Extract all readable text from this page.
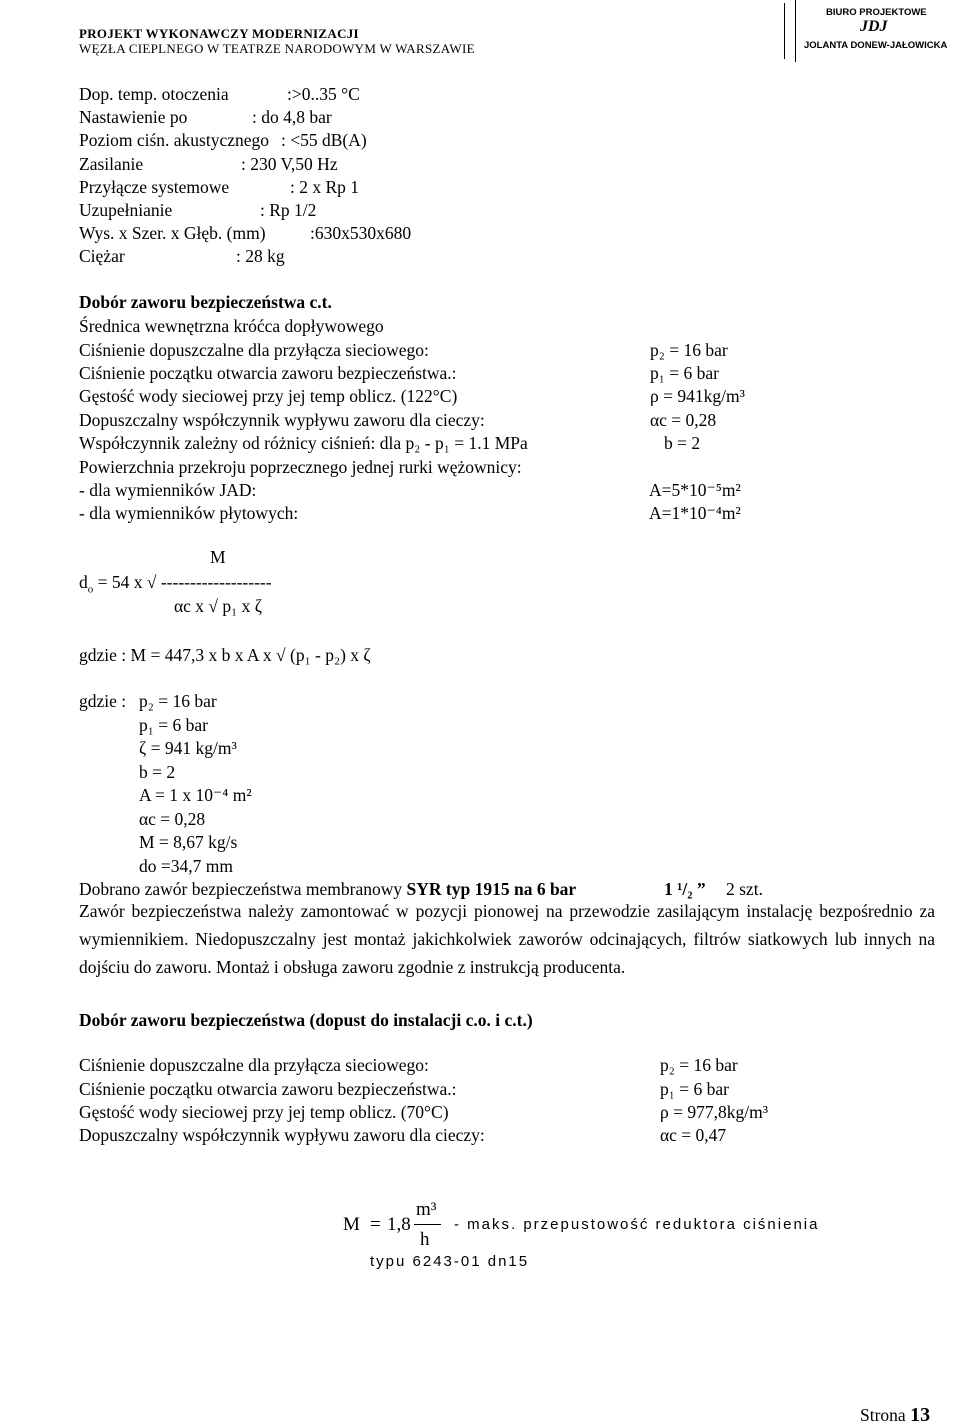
PROJEKT WYKONAWCZY MODERNIZACJI
WĘZŁA CIEPLNEGO W TEATRZE NARODOWYM W WARSZAWIE
BIURO PROJEKTOWE
JDJ
JOLANTA DONEW-JAŁOWICKA
Dop. temp. otoczenia	:>0..35 °C
Nastawienie po	: do 4,8 bar
Poziom ciśn. akustycznego : <55 dB(A)
Zasilanie	: 230 V,50 Hz
Przyłącze systemowe	: 2 x Rp 1
Uzupełnianie	: Rp 1/2
Wys. x Szer. x Głęb. (mm)	:630x530x680
Ciężar	: 28 kg
Dobór zaworu bezpieczeństwa c.t.
Średnica wewnętrzna króćca dopływowego
Ciśnienie dopuszczalne dla przyłącza sieciowego:	p₂ = 16 bar
Ciśnienie początku otwarcia zaworu bezpieczeństwa.:	p₁ = 6 bar
Gęstość wody sieciowej przy jej temp oblicz. (122°C)	ρ = 941kg/m³
Dopuszczalny współczynnik wypływu zaworu dla cieczy:	αc = 0,28
Współczynnik zależny od różnicy ciśnień: dla p₂ - p₁ = 1.1 MPa	b = 2
Powierzchnia przekroju poprzecznego jednej rurki wężownicy:
- dla wymienników JAD:	A=5*10⁻⁵m²
- dla wymienników płytowych:	A=1*10⁻⁴m²
M
$d_o = 54$ x √ -------------------
αc x √ p₁ x ζ
gdzie : M = 447,3 x b x A x √ (p₁ - p₂) x ζ
gdzie : p₂ = 16 bar
p₁ = 6 bar
ζ = 941 kg/m³
b = 2
A = 1 x 10⁻⁴ m²
αc = 0,28
M = 8,67 kg/s
do =34,7 mm
Dobrano zawór bezpieczeństwa membranowy SYR typ 1915 na 6 bar	1 ¹/₂ ” 2 szt.
Zawór bezpieczeństwa należy zamontować w pozycji pionowej na przewodzie zasilającym instalację bezpośrednio za wymiennikiem. Niedopuszczalny jest montaż jakichkolwiek zaworów odcinających, filtrów siatkowych lub innych na dojściu do zaworu. Montaż i obsługa zaworu zgodnie z instrukcją producenta.
Dobór zaworu bezpieczeństwa (dopust do instalacji c.o. i c.t.)
Ciśnienie dopuszczalne dla przyłącza sieciowego:	p₂ = 16 bar
Ciśnienie początku otwarcia zaworu bezpieczeństwa.:	p₁ = 6 bar
Gęstość wody sieciowej przy jej temp oblicz. (70°C)	ρ = 977,8kg/m³
Dopuszczalny współczynnik wypływu zaworu dla cieczy:	αc = 0,47
M = 1,8
m³
h
- maks. przepustowość reduktora ciśnienia
typu 6243-01 dn15
Strona 13
